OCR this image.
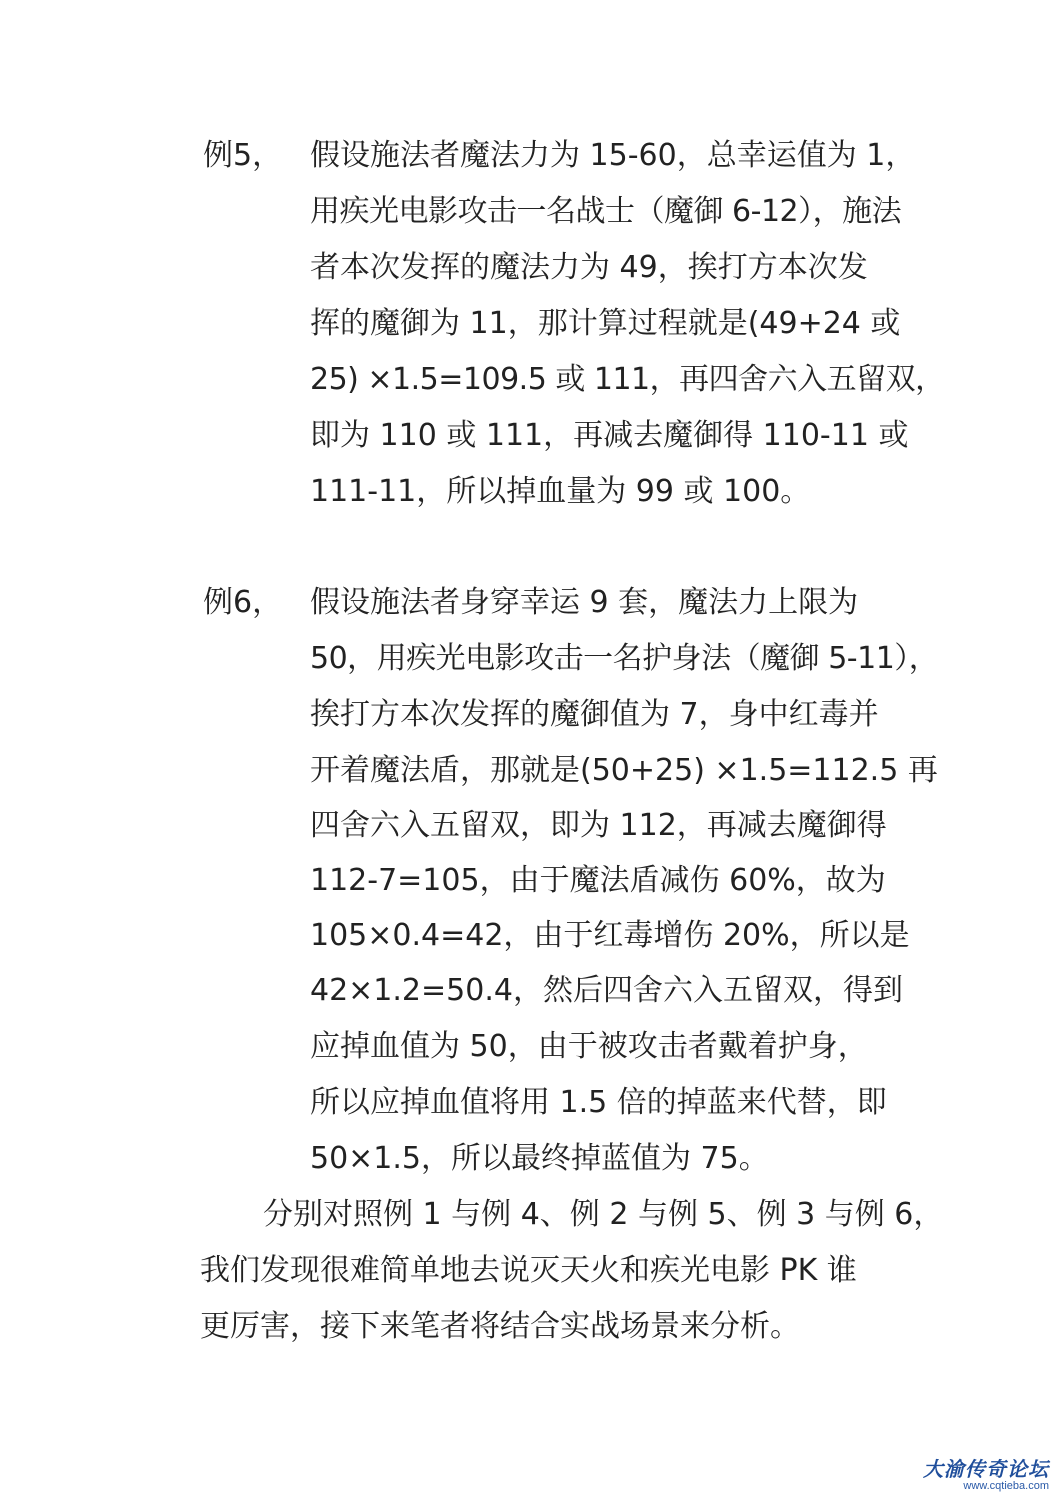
例5， 假设施法者魔法力为 15-60，总幸运值为 1，
用疾光电影攻击一名战士（魔御 6-12），施法
者本次发挥的魔法力为 49，挨打方本次发
挥的魔御为 11，那计算过程就是(49+24 或
25) ×1.5=109.5 或 111，再四舍六入五留双，
即为 110 或 111，再减去魔御得 110-11 或
111-11，所以掉血量为 99 或 100。
例6， 假设施法者身穿幸运 9 套，魔法力上限为
50，用疾光电影攻击一名护身法（魔御 5-11），
挨打方本次发挥的魔御值为 7，身中红毒并
开着魔法盾，那就是(50+25) ×1.5=112.5 再
四舍六入五留双，即为 112，再减去魔御得
112-7=105，由于魔法盾减伤 60%，故为
105×0.4=42，由于红毒增伤 20%，所以是
42×1.2=50.4，然后四舍六入五留双，得到
应掉血值为 50，由于被攻击者戴着护身，
所以应掉血值将用 1.5 倍的掉蓝来代替，即
50×1.5，所以最终掉蓝值为 75。
分别对照例 1 与例 4、例 2 与例 5、例 3 与例 6，
我们发现很难简单地去说灭天火和疾光电影 PK 谁
更厉害，接下来笔者将结合实战场景来分析。
大渝传奇论坛
www.cqtieba.com
